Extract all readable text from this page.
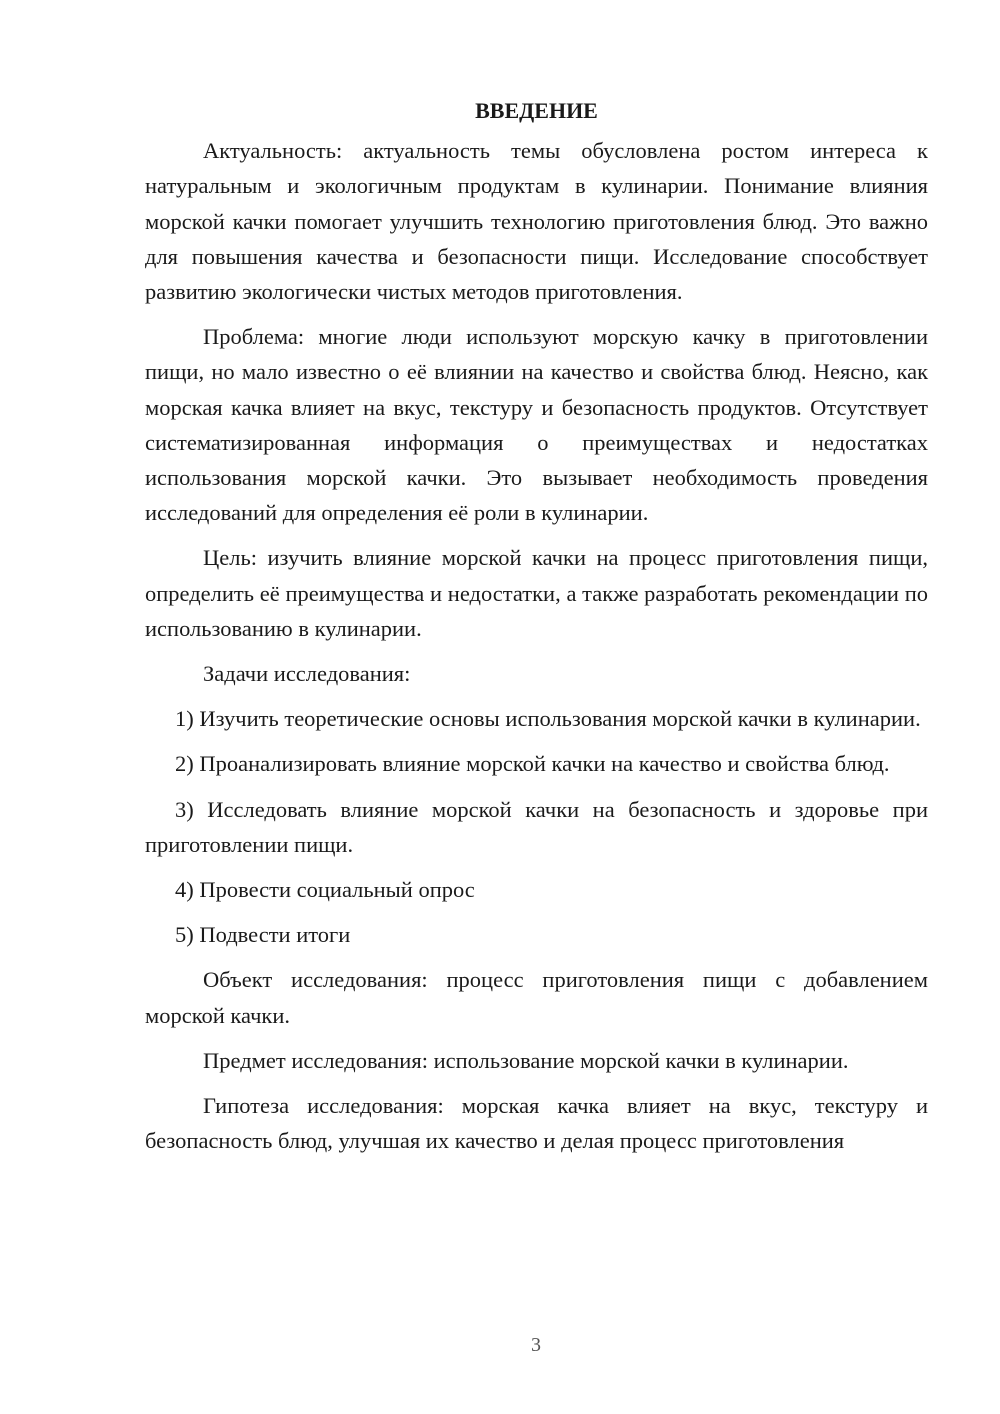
ВВЕДЕНИЕ

Актуальность: актуальность темы обусловлена ростом интереса к натуральным и экологичным продуктам в кулинарии. Понимание влияния морской качки помогает улучшить технологию приготовления блюд. Это важно для повышения качества и безопасности пищи. Исследование способствует развитию экологически чистых методов приготовления.

Проблема: многие люди используют морскую качку в приготовлении пищи, но мало известно о её влиянии на качество и свойства блюд. Неясно, как морская качка влияет на вкус, текстуру и безопасность продуктов. Отсутствует систематизированная информация о преимуществах и недостатках использования морской качки. Это вызывает необходимость проведения исследований для определения её роли в кулинарии.

Цель: изучить влияние морской качки на процесс приготовления пищи, определить её преимущества и недостатки, а также разработать рекомендации по использованию в кулинарии.

Задачи исследования:

1) Изучить теоретические основы использования морской качки в кулинарии.

2) Проанализировать влияние морской качки на качество и свойства блюд.

3) Исследовать влияние морской качки на безопасность и здоровье при приготовлении пищи.

4) Провести социальный опрос

5) Подвести итоги

Объект исследования: процесс приготовления пищи с добавлением морской качки.

Предмет исследования: использование морской качки в кулинарии.

Гипотеза исследования: морская качка влияет на вкус, текстуру и безопасность блюд, улучшая их качество и делая процесс приготовления

3
